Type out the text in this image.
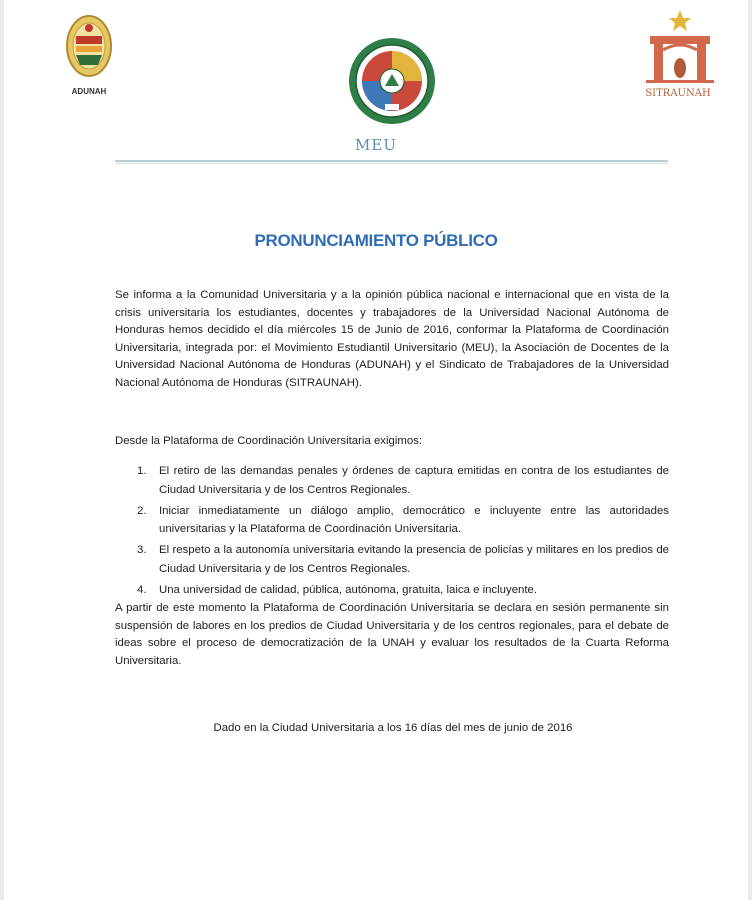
ADUNAH
MEU
SITRAUNAH
PRONUNCIAMIENTO PÚBLICO
Se informa a la Comunidad Universitaria y a la opinión pública nacional e internacional que en vista de la crisis universitaria los estudiantes, docentes y trabajadores de la Universidad Nacional Autónoma de Honduras hemos decidido el día miércoles 15 de Junio de 2016, conformar la Plataforma de Coordinación Universitaria, integrada por: el Movimiento Estudiantil Universitario (MEU), la Asociación de Docentes de la Universidad Nacional Autónoma de Honduras (ADUNAH) y el Sindicato de Trabajadores de la Universidad Nacional Autónoma de Honduras (SITRAUNAH).
Desde la Plataforma de Coordinación Universitaria exigimos:
1. El retiro de las demandas penales y órdenes de captura emitidas en contra de los estudiantes de Ciudad Universitaria y de los Centros Regionales.
2. Iniciar inmediatamente un diálogo amplio, democrático e incluyente entre las autoridades universitarias y la Plataforma de Coordinación Universitaria.
3. El respeto a la autonomía universitaria evitando la presencia de policías y militares en los predios de Ciudad Universitaria y de los Centros Regionales.
4. Una universidad de calidad, pública, autónoma, gratuita, laica e incluyente.
A partir de este momento la Plataforma de Coordinación Universitaria se declara en sesión permanente sin suspensión de labores en los predios de Ciudad Universitaria y de los centros regionales, para el debate de ideas sobre el proceso de democratización de la UNAH y evaluar los resultados de la Cuarta Reforma Universitaria.
Dado en la Ciudad Universitaria a los 16 días del mes de junio de 2016
